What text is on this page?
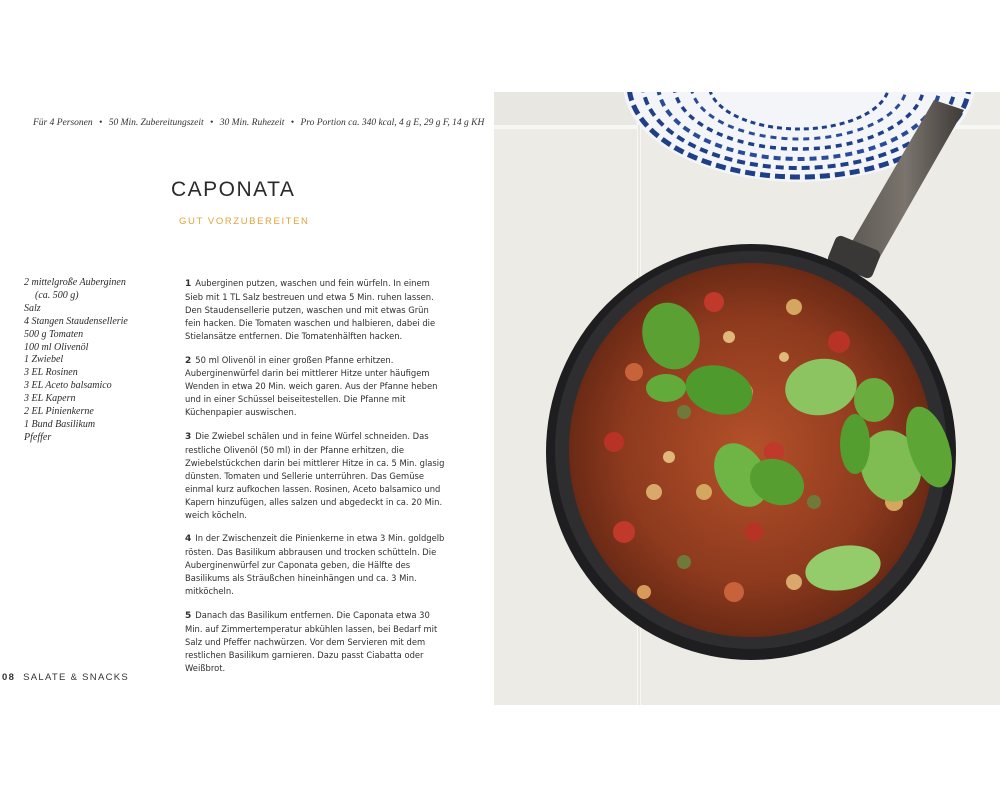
Für 4 Personen • 50 Min. Zubereitungszeit • 30 Min. Ruhezeit • Pro Portion ca. 340 kcal, 4 g E, 29 g F, 14 g KH
CAPONATA
GUT VORZUBEREITEN
2 mittelgroße Auberginen
(ca. 500 g)
Salz
4 Stangen Staudensellerie
500 g Tomaten
100 ml Olivenöl
1 Zwiebel
3 EL Rosinen
3 EL Aceto balsamico
3 EL Kapern
2 EL Pinienkerne
1 Bund Basilikum
Pfeffer

1 Auberginen putzen, waschen und fein würfeln. In einem Sieb mit 1 TL Salz bestreuen und etwa 5 Min. ruhen lassen. Den Staudensellerie putzen, waschen und mit etwas Grün fein hacken. Die Tomaten waschen und halbieren, dabei die Stielansätze entfernen. Die Tomatenhälften hacken.

2 50 ml Olivenöl in einer großen Pfanne erhitzen. Auberginenwürfel darin bei mittlerer Hitze unter häufigem Wenden in etwa 20 Min. weich garen. Aus der Pfanne heben und in einer Schüssel beiseitestellen. Die Pfanne mit Küchenpapier auswischen.

3 Die Zwiebel schälen und in feine Würfel schneiden. Das restliche Olivenöl (50 ml) in der Pfanne erhitzen, die Zwiebelstückchen darin bei mittlerer Hitze in ca. 5 Min. glasig dünsten. Tomaten und Sellerie unterrühren. Das Gemüse einmal kurz aufkochen lassen. Rosinen, Aceto balsamico und Kapern hinzufügen, alles salzen und abgedeckt in ca. 20 Min. weich köcheln.

4 In der Zwischenzeit die Pinienkerne in etwa 3 Min. goldgelb rösten. Das Basilikum abbrausen und trocken schütteln. Die Auberginenwürfel zur Caponata geben, die Hälfte des Basilikums als Sträußchen hineinhängen und ca. 3 Min. mitköcheln.

5 Danach das Basilikum entfernen. Die Caponata etwa 30 Min. auf Zimmertemperatur abkühlen lassen, bei Bedarf mit Salz und Pfeffer nachwürzen. Vor dem Servieren mit dem restlichen Basilikum garnieren. Dazu passt Ciabatta oder Weißbrot.

08 SALATE & SNACKS
